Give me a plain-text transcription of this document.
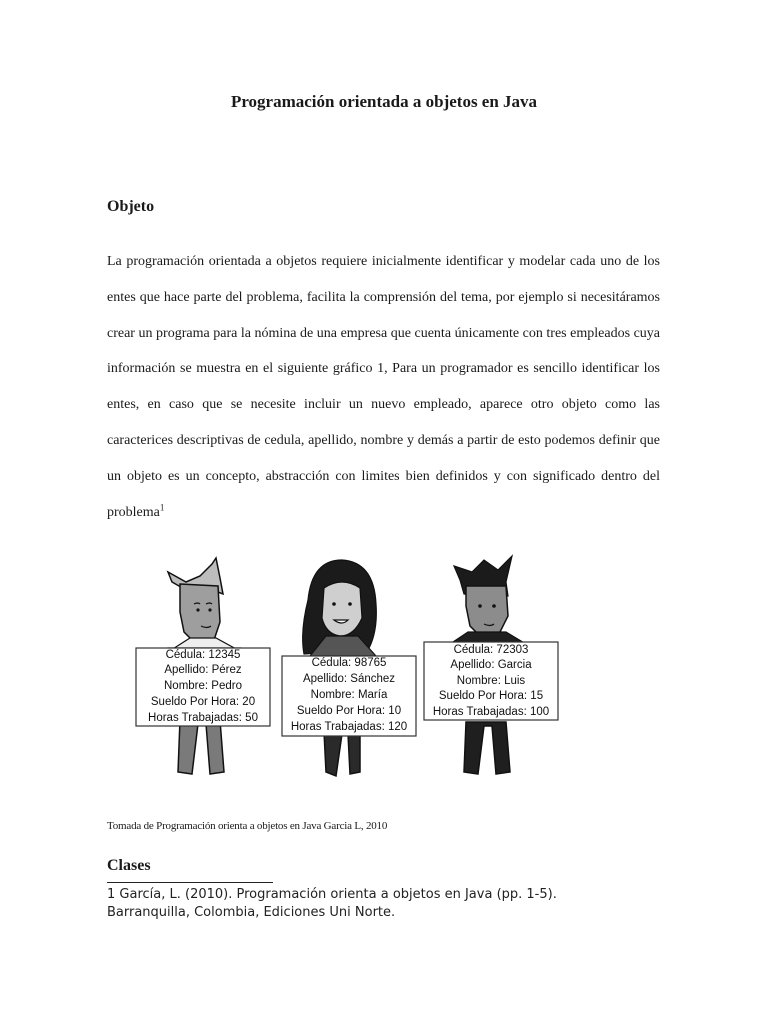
Programación orientada a objetos en Java
Objeto

La programación orientada a objetos requiere inicialmente identificar y modelar cada uno de los entes que hace parte del problema, facilita la comprensión del tema, por ejemplo si necesitáramos crear un programa para la nómina de una empresa que cuenta únicamente con tres empleados cuya información se muestra en el siguiente gráfico 1, Para un programador es sencillo identificar los entes, en caso que se necesite incluir un nuevo empleado, aparece otro objeto como las caracterices descriptivas de cedula, apellido, nombre y demás a partir de esto podemos definir que un objeto es un concepto, abstracción con limites bien definidos y con significado dentro del problema$^1$

Cédula: 12345
Apellido: Pérez
Nombre: Pedro
Sueldo Por Hora: 20
Horas Trabajadas: 50
Cédula: 98765
Apellido: Sánchez
Nombre: María
Sueldo Por Hora: 10
Horas Trabajadas: 120
Cédula: 72303
Apellido: Garcia
Nombre: Luis
Sueldo Por Hora: 15
Horas Trabajadas: 100
Tomada de Programación orienta a objetos en Java Garcia L, 2010
Clases
1 García, L. (2010). Programación orienta a objetos en Java (pp. 1-5).
Barranquilla, Colombia, Ediciones Uni Norte.
